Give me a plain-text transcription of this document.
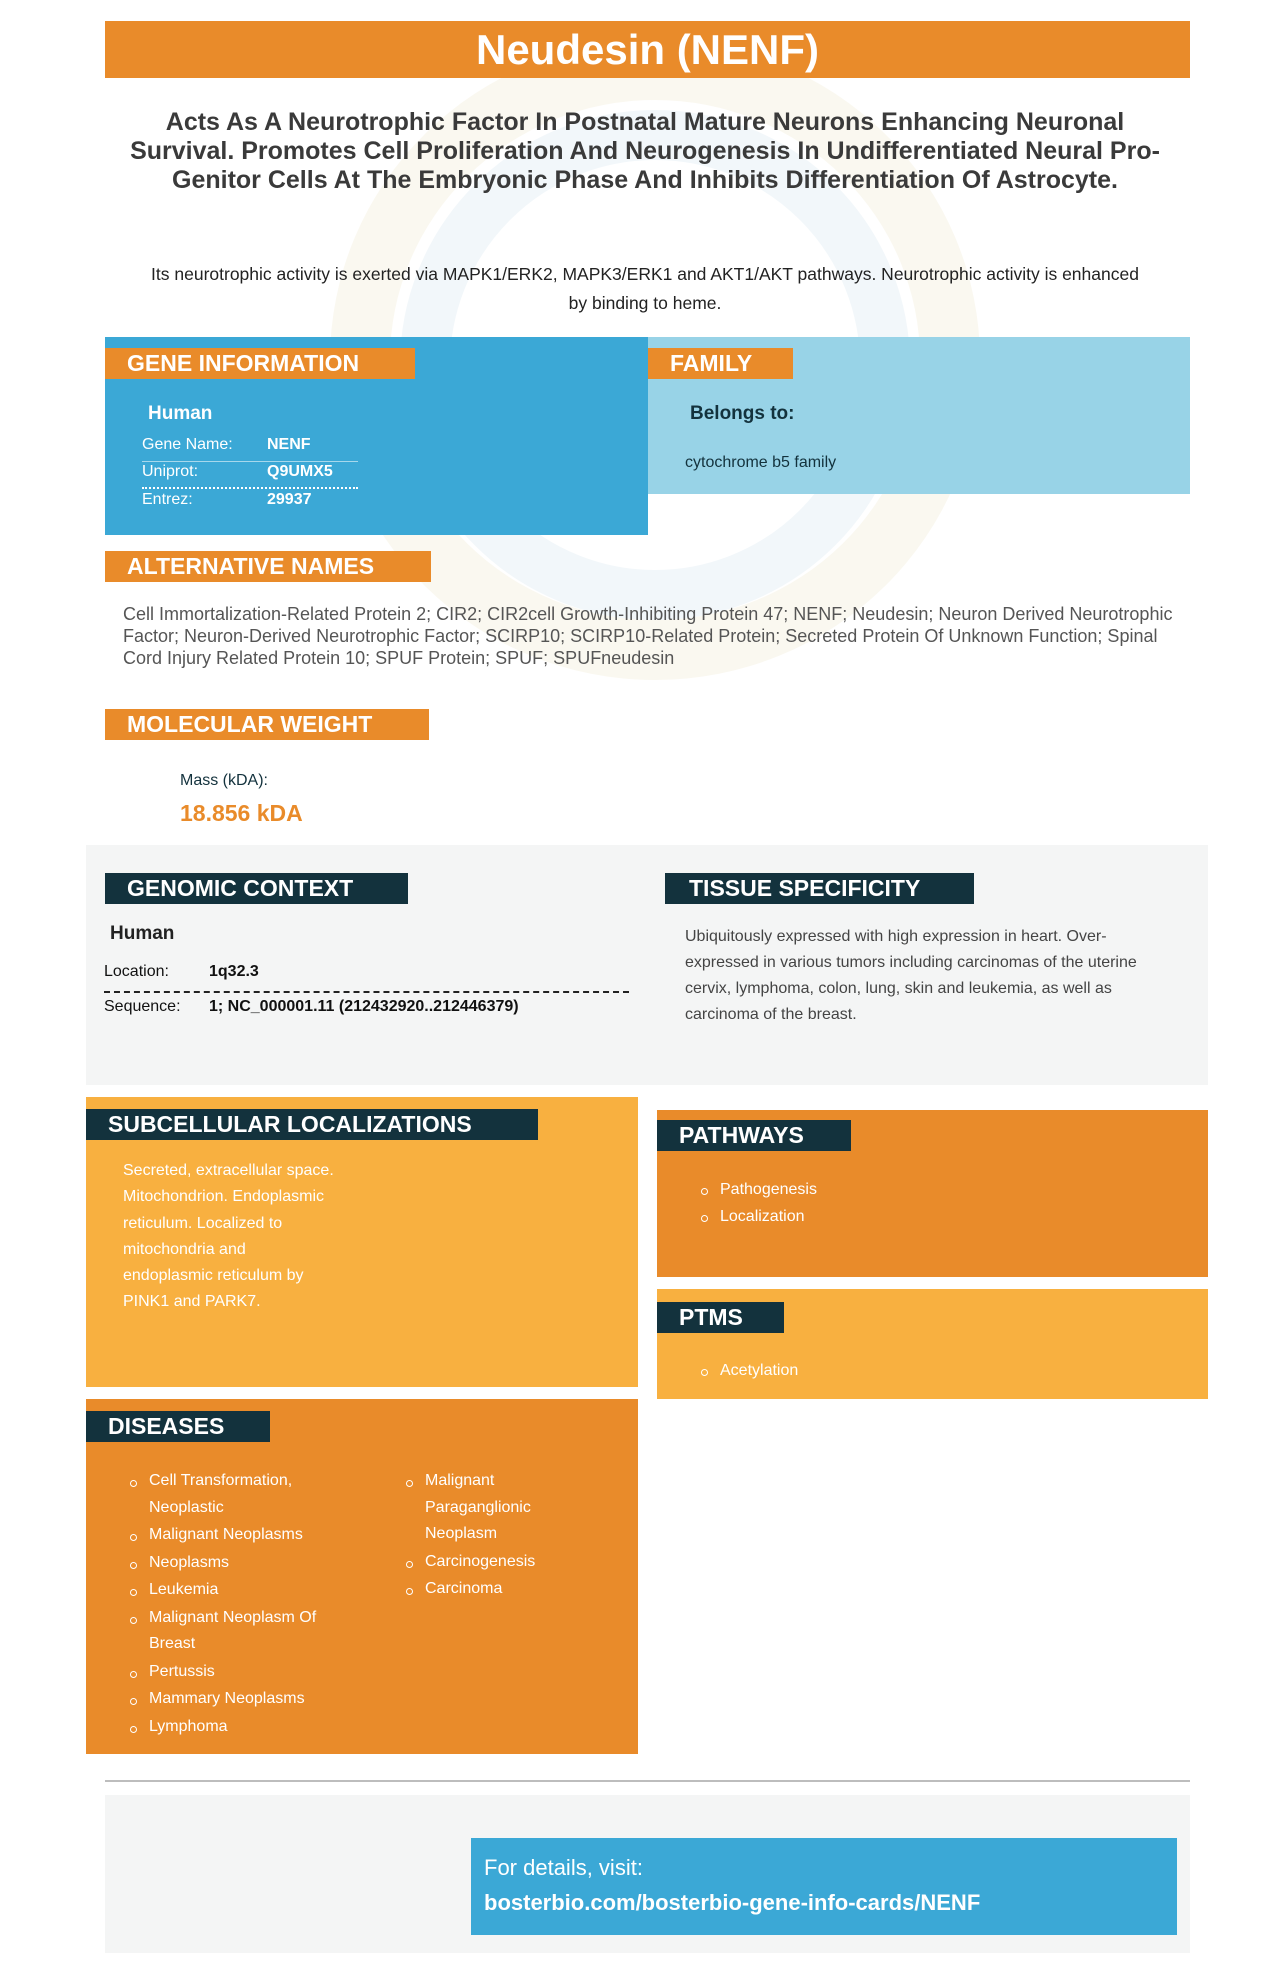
Neudesin (NENF)
Acts As A Neurotrophic Factor In Postnatal Mature Neurons Enhancing Neuronal Survival. Promotes Cell Proliferation And Neurogenesis In Undifferentiated Neural Pro-Genitor Cells At The Embryonic Phase And Inhibits Differentiation Of Astrocyte.
Its neurotrophic activity is exerted via MAPK1/ERK2, MAPK3/ERK1 and AKT1/AKT pathways. Neurotrophic activity is enhanced by binding to heme.
GENE INFORMATION
Human
Gene Name: NENF
Uniprot:	Q9UMX5
Entrez:	29937
FAMILY
Belongs to:
cytochrome b5 family
ALTERNATIVE NAMES
Cell Immortalization-Related Protein 2; CIR2; CIR2cell Growth-Inhibiting Protein 47; NENF; Neudesin; Neuron Derived Neurotrophic Factor; Neuron-Derived Neurotrophic Factor; SCIRP10; SCIRP10-Related Protein; Secreted Protein Of Unknown Function; Spinal Cord Injury Related Protein 10; SPUF Protein; SPUF; SPUFneudesin
MOLECULAR WEIGHT
Mass (kDA):
18.856 kDA
GENOMIC CONTEXT
Human
Location:	1q32.3
Sequence: 1; NC_000001.11 (212432920..212446379)
TISSUE SPECIFICITY
Ubiquitously expressed with high expression in heart. Over-expressed in various tumors including carcinomas of the uterine cervix, lymphoma, colon, lung, skin and leukemia, as well as carcinoma of the breast.
SUBCELLULAR LOCALIZATIONS
Secreted, extracellular space. Mitochondrion. Endoplasmic reticulum. Localized to mitochondria and endoplasmic reticulum by PINK1 and PARK7.
PATHWAYS
Pathogenesis
Localization
PTMS
Acetylation
DISEASES
Cell Transformation, Neoplastic
Malignant Neoplasms
Neoplasms
Leukemia
Malignant Neoplasm Of Breast
Pertussis
Mammary Neoplasms
Lymphoma
Malignant Paraganglionic Neoplasm
Carcinogenesis
Carcinoma
For details, visit:
bosterbio.com/bosterbio-gene-info-cards/NENF
